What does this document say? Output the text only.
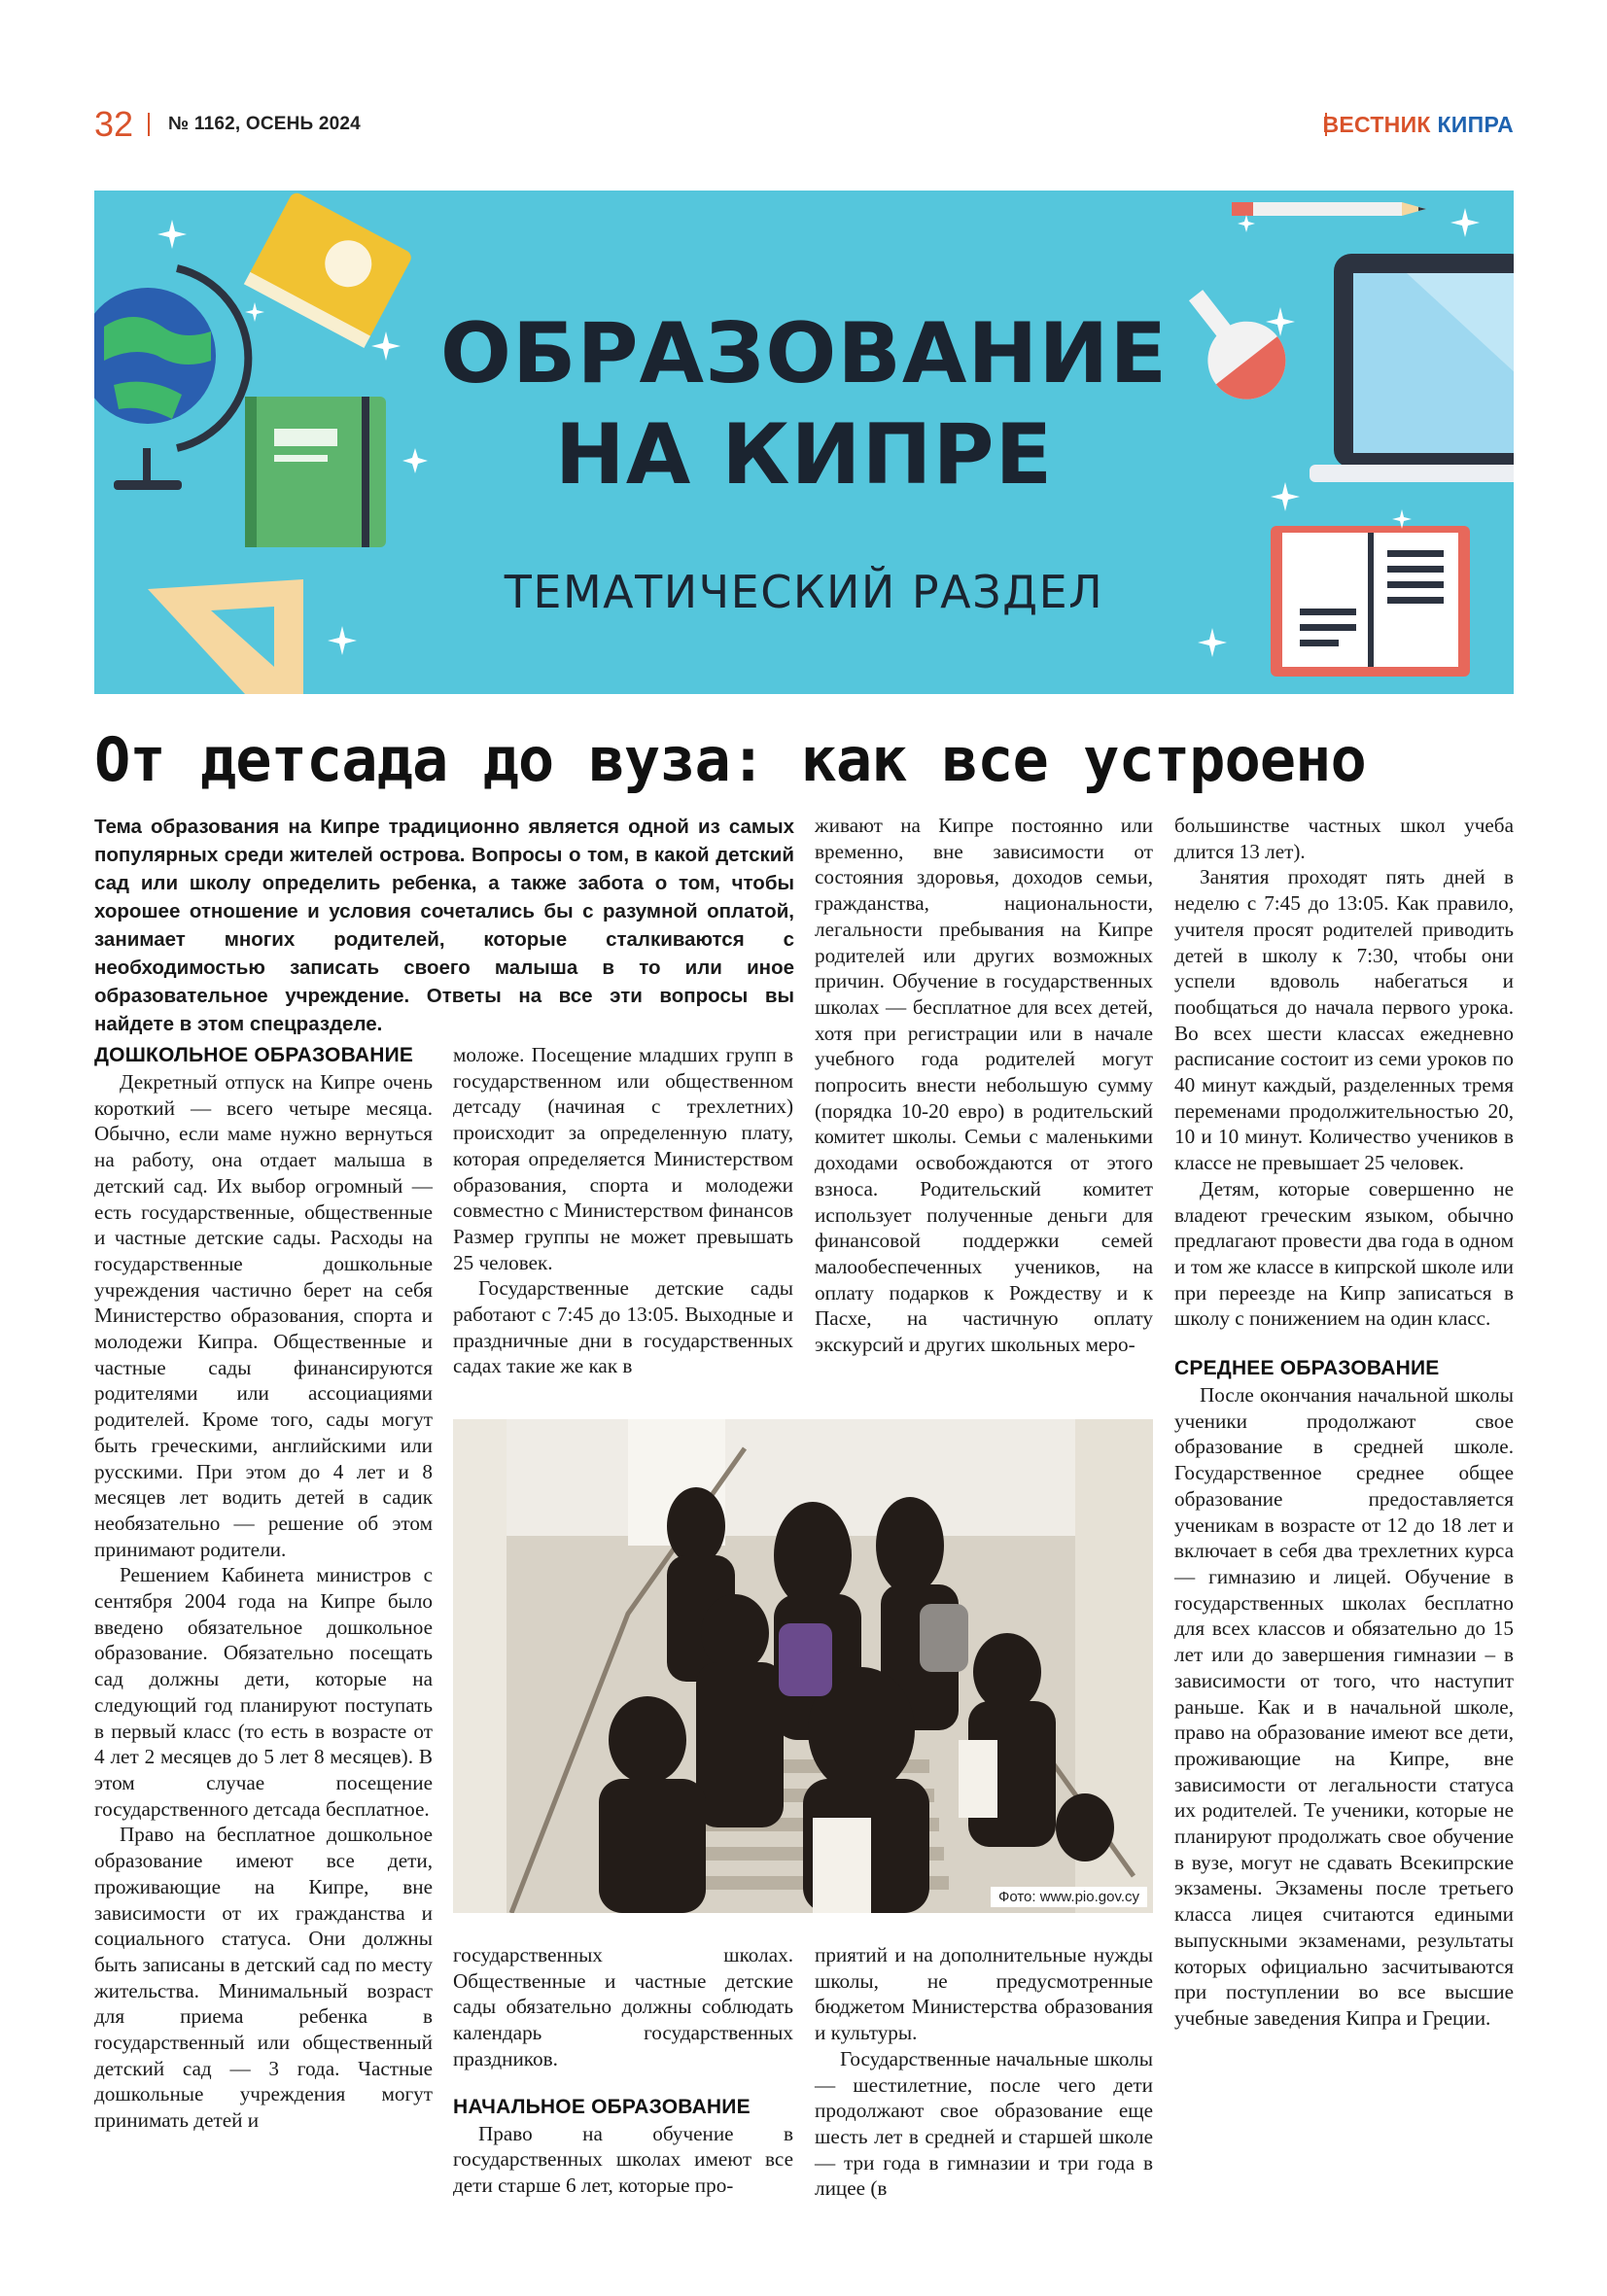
32 № 1162, ОСЕНЬ 2024	ВЕСТНИК КИПРА
ОБРАЗОВАНИЕ
НА КИПРЕ
ТЕМАТИЧЕСКИЙ РАЗДЕЛ
От детсада до вуза: как все устроено

Тема образования на Кипре традиционно является одной из самых популярных среди жителей острова. Вопросы о том, в какой детский сад или школу определить ребенка, а также забота о том, чтобы хорошее отношение и условия сочетались бы с разумной оплатой, занимает многих родителей, которые сталкиваются с необходимостью записать своего малыша в то или иное образовательное учреждение. Ответы на все эти вопросы вы найдете в этом спецразделе.

ДОШКОЛЬНОЕ ОБРАЗОВАНИЕ

Декретный отпуск на Кипре очень короткий — всего четыре месяца. Обычно, если маме нужно вернуться на работу, она отдает малыша в детский сад. Их выбор огромный — есть государственные, общественные и частные детские сады. Расходы на государственные дошкольные учреждения частично берет на себя Министерство образования, спорта и молодежи Кипра. Общественные и частные сады финансируются родителями или ассоциациями родителей. Кроме того, сады могут быть греческими, английскими или русскими. При этом до 4 лет и 8 месяцев лет водить детей в садик необязательно — решение об этом принимают родители.

Решением Кабинета министров с сентября 2004 года на Кипре было введено обязательное дошкольное образование. Обязательно посещать сад должны дети, которые на следующий год планируют поступать в первый класс (то есть в возрасте от 4 лет 2 месяцев до 5 лет 8 месяцев). В этом случае посещение государственного детсада бесплатное.

Право на бесплатное дошкольное образование имеют все дети, проживающие на Кипре, вне зависимости от их гражданства и социального статуса. Они должны быть записаны в детский сад по месту жительства. Минимальный возраст для приема ребенка в государственный или общественный детский сад — 3 года. Частные дошкольные учреждения могут принимать детей и

моложе. Посещение младших групп в государственном или общественном детсаду (начиная с трехлетних) происходит за определенную плату, которая определяется Министерством образования, спорта и молодежи совместно с Министерством финансов Размер группы не может превышать 25 человек.

Государственные детские сады работают с 7:45 до 13:05. Выходные и праздничные дни в государственных садах такие же как в

живают на Кипре постоянно или временно, вне зависимости от состояния здоровья, доходов семьи, гражданства, национальности, легальности пребывания на Кипре родителей или других возможных причин. Обучение в государственных школах — бесплатное для всех детей, хотя при регистрации или в начале учебного года родителей могут попросить внести небольшую сумму (порядка 10-20 евро) в родительский комитет школы. Семьи с маленькими доходами освобождаются от этого взноса. Родительский комитет использует полученные деньги для финансовой поддержки семей малообеспеченных учеников, на оплату подарков к Рождеству и к Пасхе, на частичную оплату экскурсий и других школьных меро-

Фото: www.pio.gov.cy

государственных школах. Общественные и частные детские сады обязательно должны соблюдать календарь государственных праздников.

НАЧАЛЬНОЕ ОБРАЗОВАНИЕ

Право на обучение в государственных школах имеют все дети старше 6 лет, которые про-

приятий и на дополнительные нужды школы, не предусмотренные бюджетом Министерства образования и культуры.

Государственные начальные школы — шестилетние, после чего дети продолжают свое образование еще шесть лет в средней и старшей школе — три года в гимназии и три года в лицее (в

большинстве частных школ учеба длится 13 лет).

Занятия проходят пять дней в неделю с 7:45 до 13:05. Как правило, учителя просят родителей приводить детей в школу к 7:30, чтобы они успели вдоволь набегаться и пообщаться до начала первого урока. Во всех шести классах ежедневно расписание состоит из семи уроков по 40 минут каждый, разделенных тремя переменами продолжительностью 20, 10 и 10 минут. Количество учеников в классе не превышает 25 человек.

Детям, которые совершенно не владеют греческим языком, обычно предлагают провести два года в одном и том же классе в кипрской школе или при переезде на Кипр записаться в школу с понижением на один класс.

СРЕДНЕЕ ОБРАЗОВАНИЕ

После окончания начальной школы ученики продолжают свое образование в средней школе. Государственное среднее общее образование предоставляется ученикам в возрасте от 12 до 18 лет и включает в себя два трехлетних курса — гимназию и лицей. Обучение в государственных школах бесплатно для всех классов и обязательно до 15 лет или до завершения гимназии – в зависимости от того, что наступит раньше. Как и в начальной школе, право на образование имеют все дети, проживающие на Кипре, вне зависимости от легальности статуса их родителей. Те ученики, которые не планируют продолжать свое обучение в вузе, могут не сдавать Всекипрские экзамены. Экзамены после третьего класса лицея считаются едиными выпускными экзаменами, результаты которых официально засчитываются при поступлении во все высшие учебные заведения Кипра и Греции.
